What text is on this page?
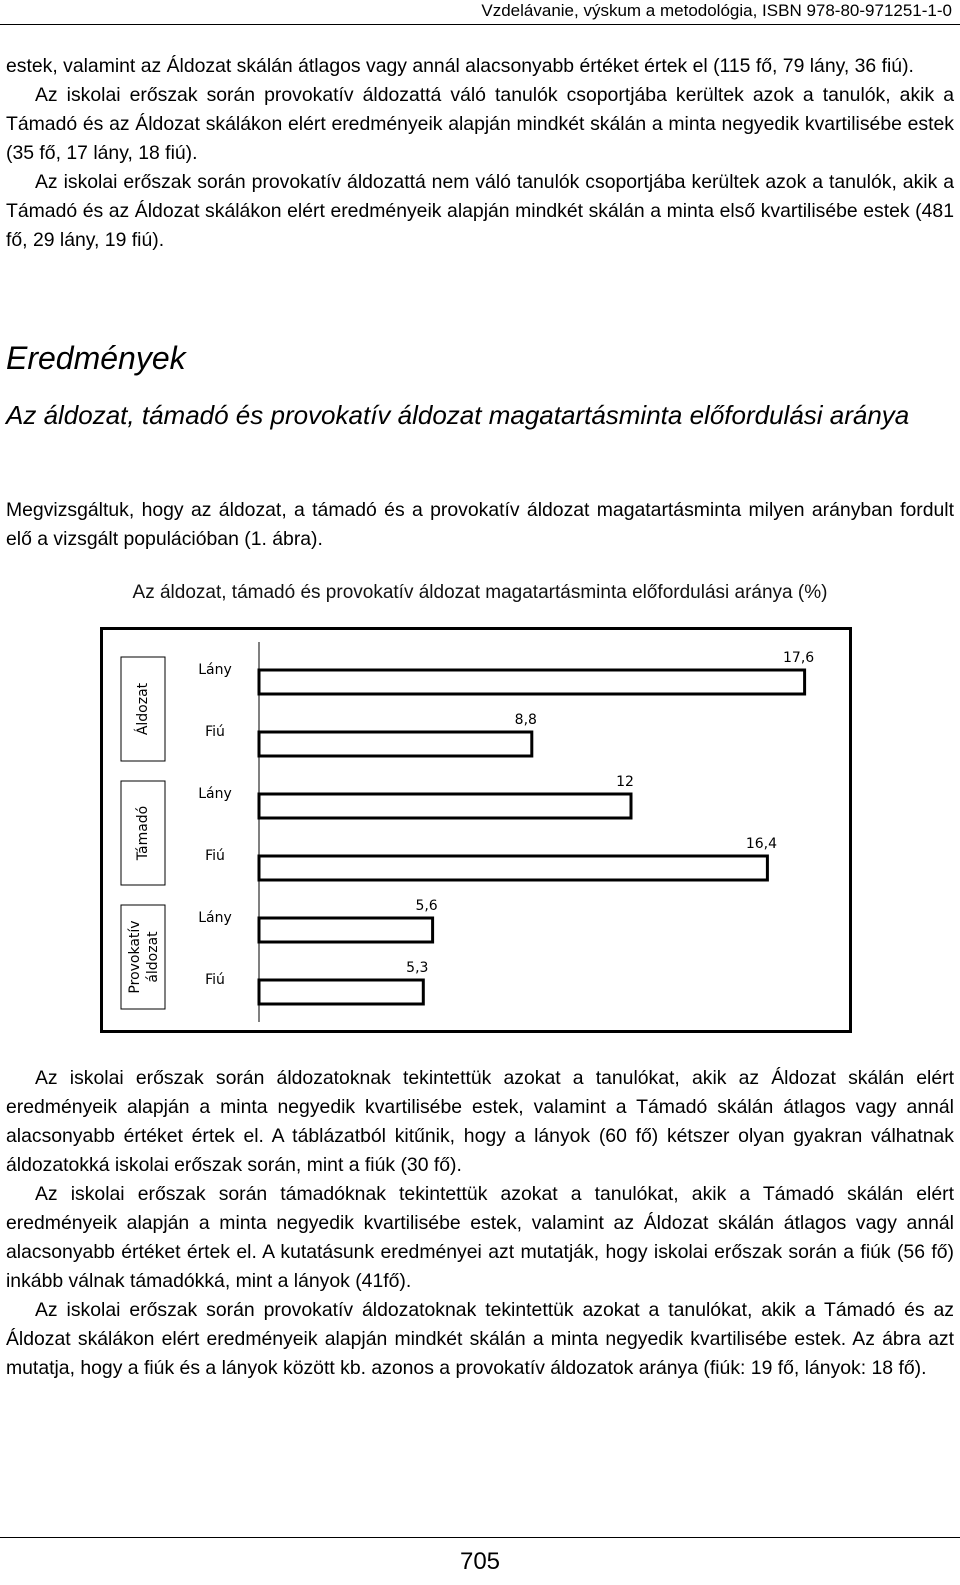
Vzdelávanie, výskum a metodológia, ISBN 978-80-971251-1-0

estek, valamint az Áldozat skálán átlagos vagy annál alacsonyabb értéket értek el (115 fő, 79 lány, 36 fiú).

Az iskolai erőszak során provokatív áldozattá váló tanulók csoportjába kerültek azok a tanulók, akik a Támadó és az Áldozat skálákon elért eredményeik alapján mindkét skálán a minta negyedik kvartilisébe estek (35 fő, 17 lány, 18 fiú).

Az iskolai erőszak során provokatív áldozattá nem váló tanulók csoportjába kerültek azok a tanulók, akik a Támadó és az Áldozat skálákon elért eredményeik alapján mindkét skálán a minta első kvartilisébe estek (481 fő, 29 lány, 19 fiú).

Eredmények
Az áldozat, támadó és provokatív áldozat magatartásminta előfordulási aránya

Megvizsgáltuk, hogy az áldozat, a támadó és a provokatív áldozat magatartásminta milyen arányban fordult elő a vizsgált populációban (1. ábra).

Az áldozat, támadó és provokatív áldozat magatartásminta előfordulási aránya (%)
17,6
Lány
8,8
Fiú
12
Lány
16,4
Fiú
5,6
Lány
5,3
Fiú
Áldozat
Támadó
Provokatív áldozat

Az iskolai erőszak során áldozatoknak tekintettük azokat a tanulókat, akik az Áldozat skálán elért eredményeik alapján a minta negyedik kvartilisébe estek, valamint a Támadó skálán átlagos vagy annál alacsonyabb értéket értek el. A táblázatból kitűnik, hogy a lányok (60 fő) kétszer olyan gyakran válhatnak áldozatokká iskolai erőszak során, mint a fiúk (30 fő).

Az iskolai erőszak során támadóknak tekintettük azokat a tanulókat, akik a Támadó skálán elért eredményeik alapján a minta negyedik kvartilisébe estek, valamint az Áldozat skálán átlagos vagy annál alacsonyabb értéket értek el. A kutatásunk eredményei azt mutatják, hogy iskolai erőszak során a fiúk (56 fő) inkább válnak támadókká, mint a lányok (41fő).

Az iskolai erőszak során provokatív áldozatoknak tekintettük azokat a tanulókat, akik a Támadó és az Áldozat skálákon elért eredményeik alapján mindkét skálán a minta negyedik kvartilisébe estek. Az ábra azt mutatja, hogy a fiúk és a lányok között kb. azonos a provokatív áldozatok aránya (fiúk: 19 fő, lányok: 18 fő).

705
